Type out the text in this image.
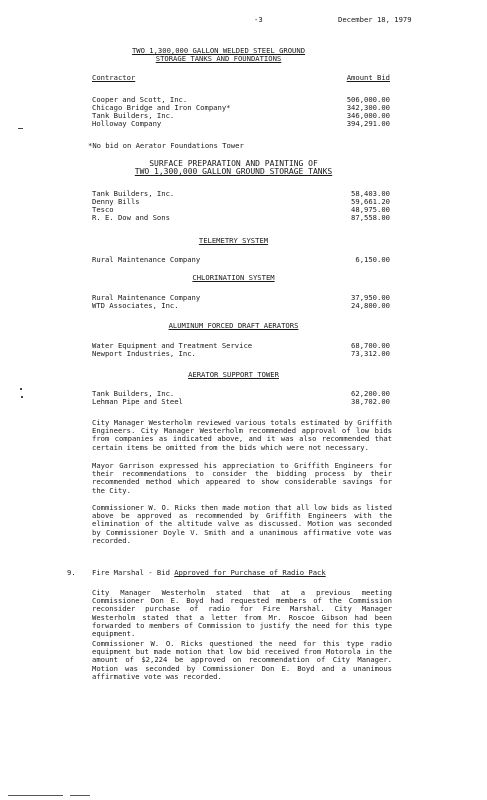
-3	December 18, 1979
TWO 1,300,000 GALLON WELDED STEEL GROUND
STORAGE TANKS AND FOUNDATIONS
Contractor	Amount Bid
Cooper and Scott, Inc.	506,000.00
Chicago Bridge and Iron Company*	342,300.00
Tank Builders, Inc.	346,000.00
Holloway Company	394,291.00
*No bid on Aerator Foundations Tower
SURFACE PREPARATION AND PAINTING OF
TWO 1,300,000 GALLON GROUND STORAGE TANKS
Tank Builders, Inc.	58,403.00
Denny Bills	59,661.20
Tesco	48,975.00
R. E. Dow and Sons	87,558.00
TELEMETRY SYSTEM
Rural Maintenance Company	6,150.00
CHLORINATION SYSTEM
Rural Maintenance Company	37,950.00
WTD Associates, Inc.	24,800.00
ALUMINUM FORCED DRAFT AERATORS
Water Equipment and Treatment Service	68,700.00
Newport Industries, Inc.	73,312.00
AERATOR SUPPORT TOWER
Tank Builders, Inc.	62,200.00
Lehman Pipe and Steel	38,702.00
City Manager Westerholm reviewed various totals estimated by Griffith Engineers. City Manager Westerholm recommended approval of low bids from companies as indicated above, and it was also recommended that certain items be omitted from the bids which were not necessary.
Mayor Garrison expressed his appreciation to Griffith Engineers for their recommendations to consider the bidding process by their recommended method which appeared to show considerable savings for the City.
Commissioner W. O. Ricks then made motion that all low bids as listed above be approved as recommended by Griffith Engineers with the elimination of the altitude valve as discussed. Motion was seconded by Commissioner Doyle V. Smith and a unanimous affirmative vote was recorded.
9. Fire Marshal - Bid Approved for Purchase of Radio Pack
City Manager Westerholm stated that at a previous meeting Commissioner Don E. Boyd had requested members of the Commission reconsider purchase of radio for Fire Marshal. City Manager Westerholm stated that a letter from Mr. Roscoe Gibson had been forwarded to members of Commission to justify the need for this type equipment.
Commissioner W. O. Ricks questioned the need for this type radio equipment but made motion that low bid received from Motorola in the amount of $2,224 be approved on recommendation of City Manager. Motion was seconded by Commissioner Don E. Boyd and a unanimous affirmative vote was recorded.
